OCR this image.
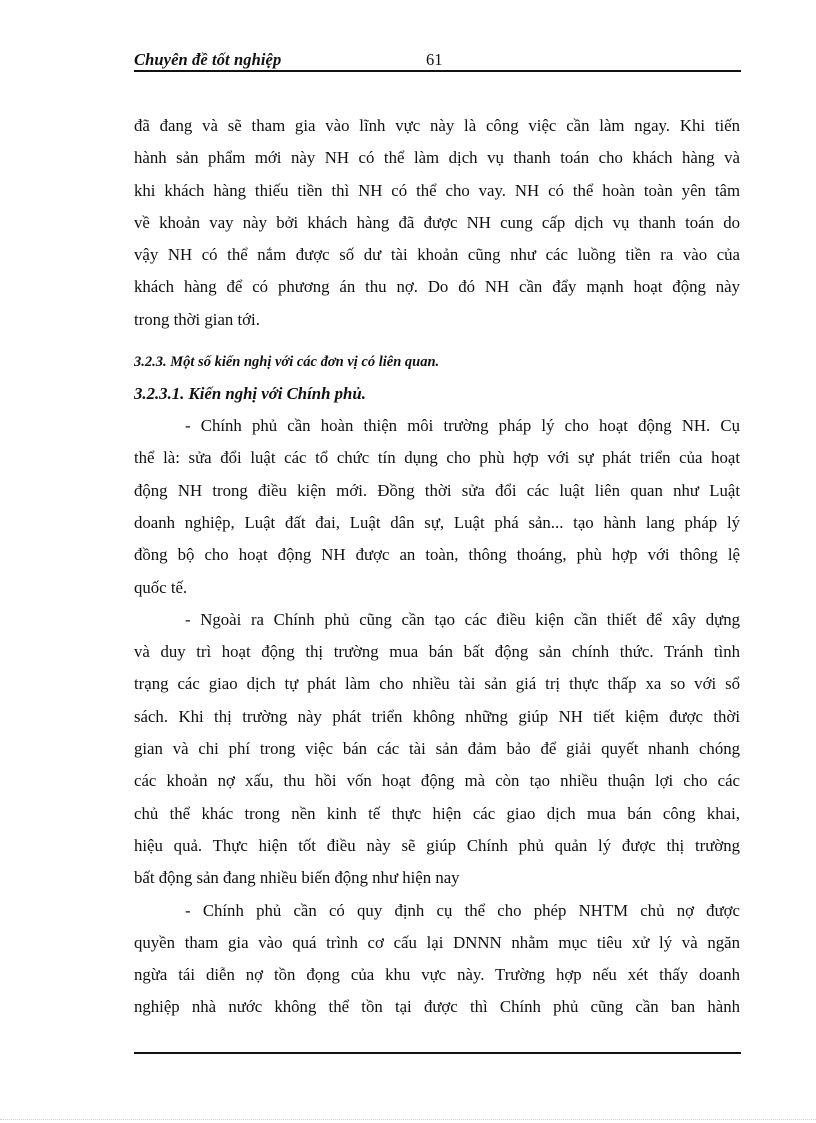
Chuyên đề tốt nghiệp	61
đã đang và sẽ tham gia vào lĩnh vực này là công việc cần làm ngay. Khi tiến
hành sản phẩm mới này NH có thể làm dịch vụ thanh toán cho khách hàng và
khi khách hàng thiếu tiền thì NH có thể cho vay. NH có thể hoàn toàn yên tâm
về khoản vay này bởi khách hàng đã được NH cung cấp dịch vụ thanh toán do
vậy NH có thể nắm được số dư tài khoản cũng như các luồng tiền ra vào của
khách hàng để có phương án thu nợ. Do đó NH cần đẩy mạnh hoạt động này
trong thời gian tới.
3.2.3. Một số kiến nghị với các đơn vị có liên quan.
3.2.3.1. Kiến nghị với Chính phủ.
- Chính phủ cần hoàn thiện môi trường pháp lý cho hoạt động NH. Cụ
thể là: sửa đổi luật các tổ chức tín dụng cho phù hợp với sự phát triển của hoạt
động NH trong điều kiện mới. Đồng thời sửa đổi các luật liên quan như Luật
doanh nghiệp, Luật đất đai, Luật dân sự, Luật phá sản... tạo hành lang pháp lý
đồng bộ cho hoạt động NH được an toàn, thông thoáng, phù hợp với thông lệ
quốc tế.
- Ngoài ra Chính phủ cũng cần tạo các điều kiện cần thiết để xây dựng
và duy trì hoạt động thị trường mua bán bất động sản chính thức. Tránh tình
trạng các giao dịch tự phát làm cho nhiều tài sản giá trị thực thấp xa so với sổ
sách. Khi thị trường này phát triển không những giúp NH tiết kiệm được thời
gian và chi phí trong việc bán các tài sản đảm bảo để giải quyết nhanh chóng
các khoản nợ xấu, thu hồi vốn hoạt động mà còn tạo nhiều thuận lợi cho các
chủ thể khác trong nền kinh tế thực hiện các giao dịch mua bán công khai,
hiệu quả. Thực hiện tốt điều này sẽ giúp Chính phủ quản lý được thị trường
bất động sản đang nhiều biến động như hiện nay
- Chính phủ cần có quy định cụ thể cho phép NHTM chủ nợ được
quyền tham gia vào quá trình cơ cấu lại DNNN nhằm mục tiêu xử lý và ngăn
ngừa tái diễn nợ tồn đọng của khu vực này. Trường hợp nếu xét thấy doanh
nghiệp nhà nước không thể tồn tại được thì Chính phủ cũng cần ban hành
